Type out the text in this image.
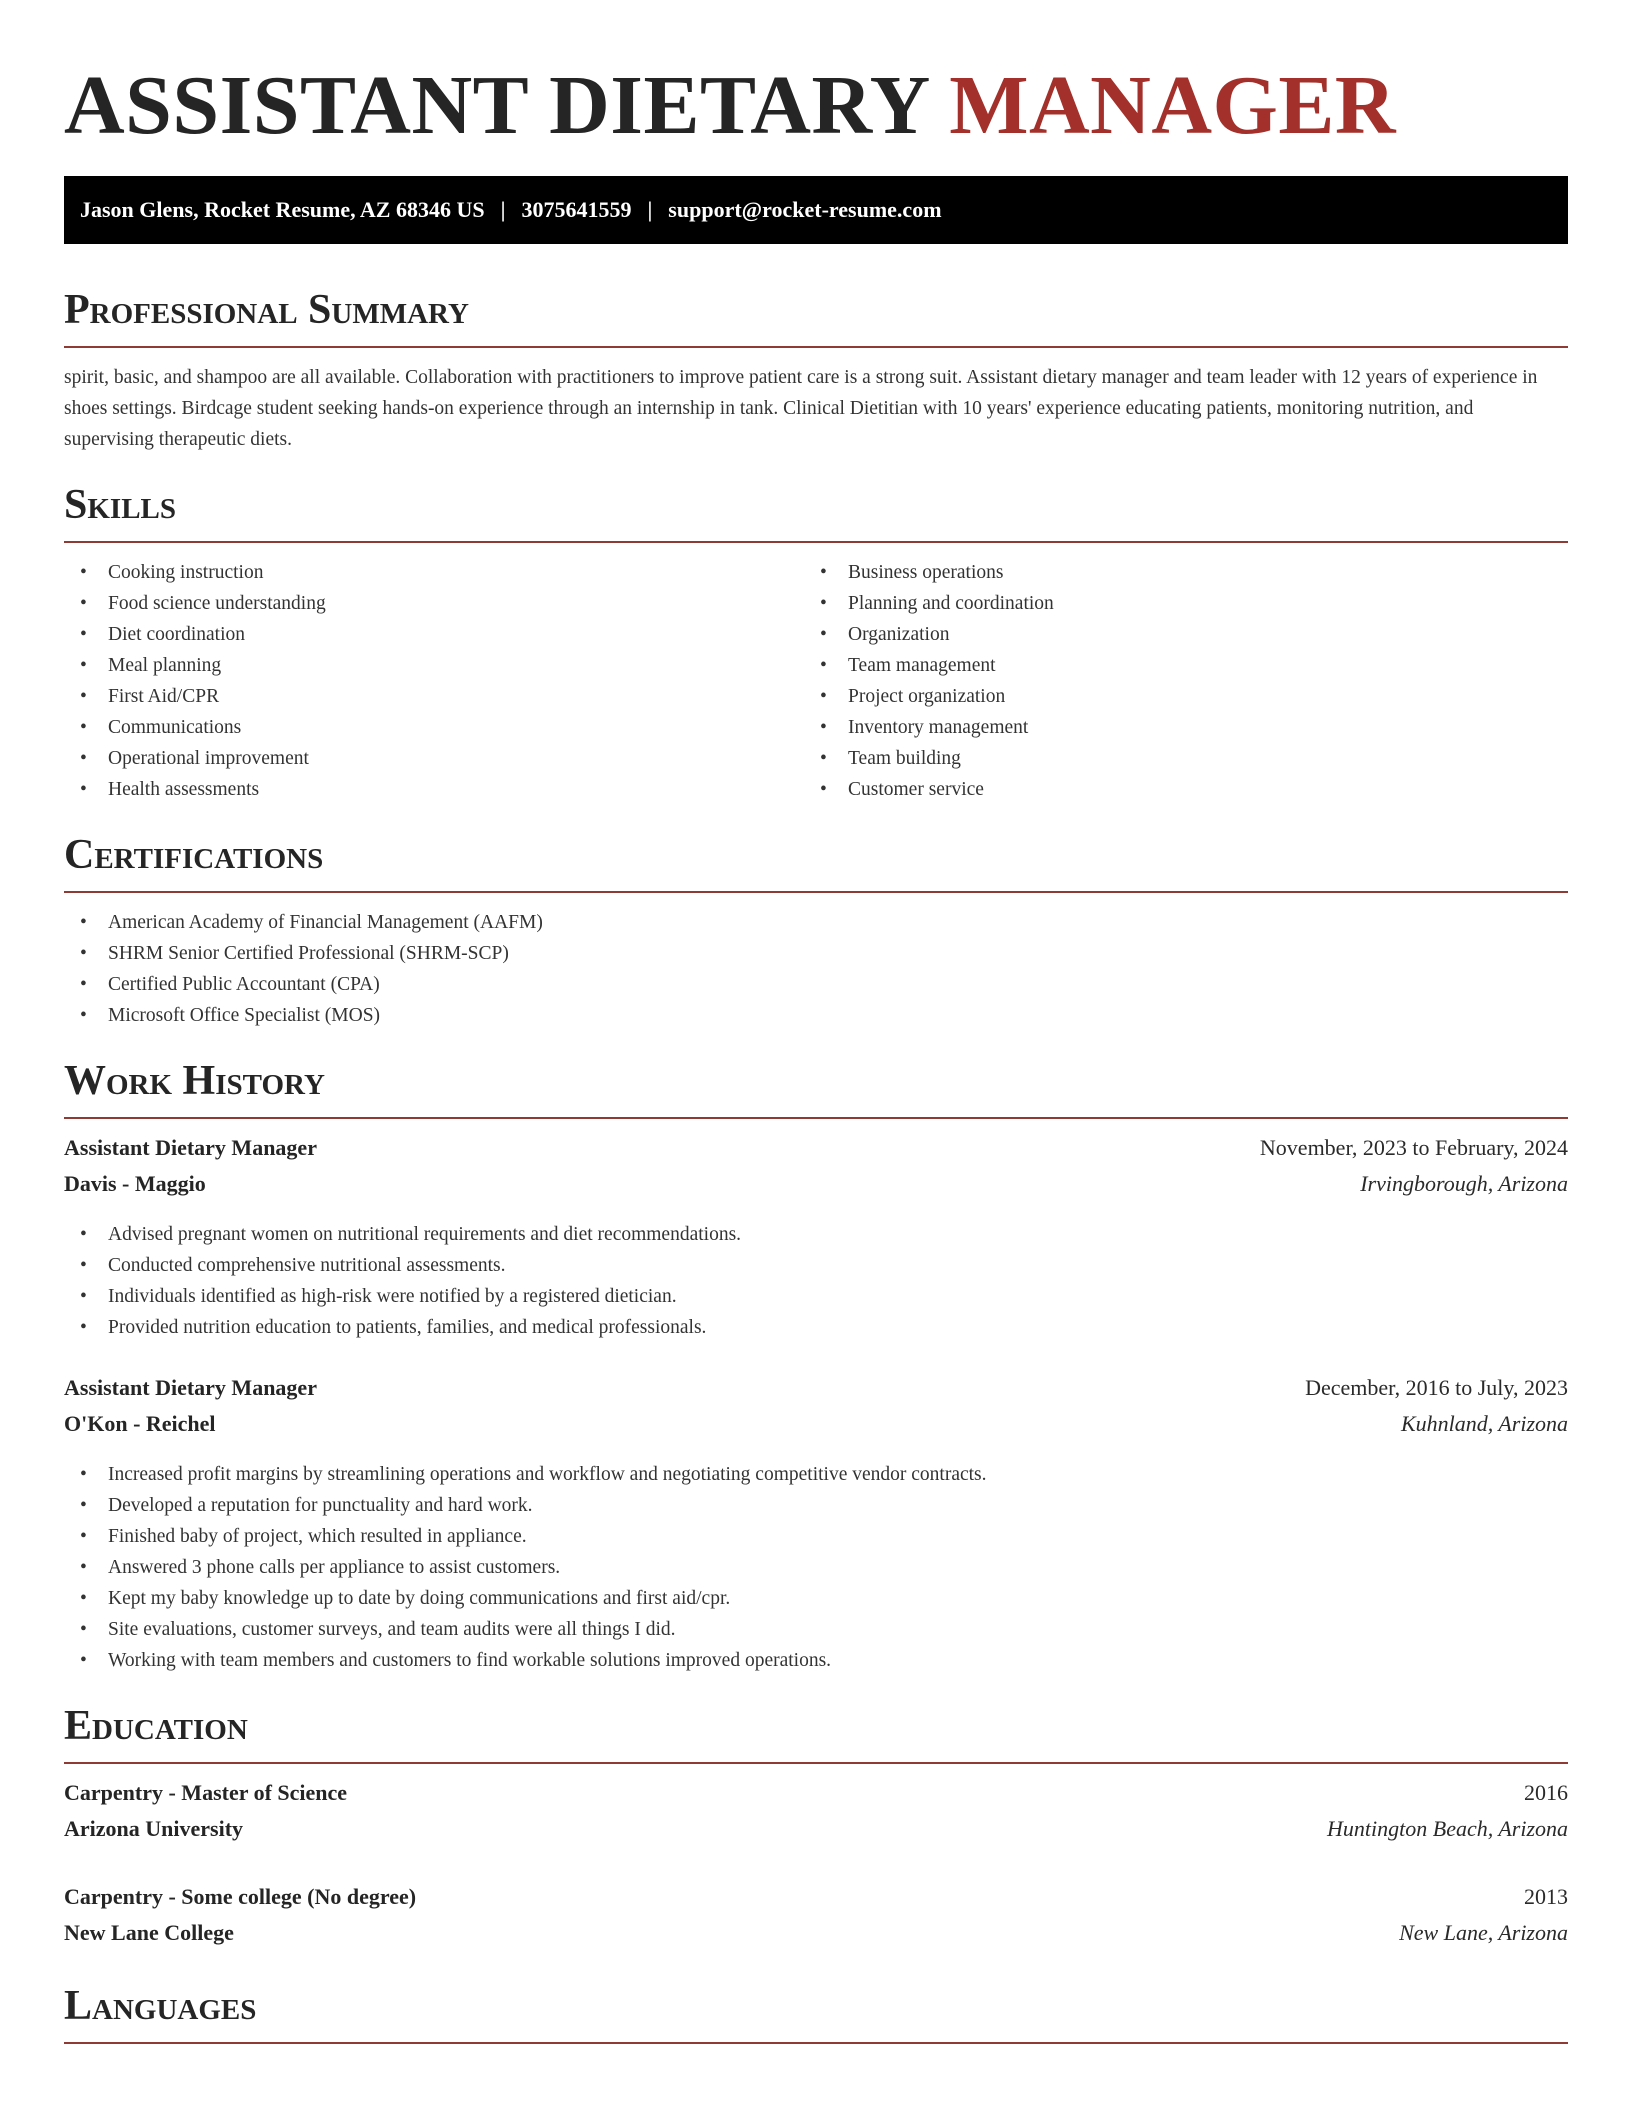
ASSISTANT DIETARY MANAGER
Jason Glens, Rocket Resume, AZ 68346 US | 3075641559 | support@rocket-resume.com
Professional Summary

spirit, basic, and shampoo are all available. Collaboration with practitioners to improve patient care is a strong suit. Assistant dietary manager and team leader with 12 years of experience in shoes settings. Birdcage student seeking hands-on experience through an internship in tank. Clinical Dietitian with 10 years' experience educating patients, monitoring nutrition, and supervising therapeutic diets.

Skills
• Cooking instruction
• Food science understanding
• Diet coordination
• Meal planning
• First Aid/CPR
• Communications
• Operational improvement
• Health assessments
• Business operations
• Planning and coordination
• Organization
• Team management
• Project organization
• Inventory management
• Team building
• Customer service
Certifications
• American Academy of Financial Management (AAFM)
• SHRM Senior Certified Professional (SHRM-SCP)
• Certified Public Accountant (CPA)
• Microsoft Office Specialist (MOS)
Work History
Assistant Dietary Manager	November, 2023 to February, 2024
Davis - Maggio	Irvingborough, Arizona
• Advised pregnant women on nutritional requirements and diet recommendations.
• Conducted comprehensive nutritional assessments.
• Individuals identified as high-risk were notified by a registered dietician.
• Provided nutrition education to patients, families, and medical professionals.
Assistant Dietary Manager	December, 2016 to July, 2023
O'Kon - Reichel	Kuhnland, Arizona
• Increased profit margins by streamlining operations and workflow and negotiating competitive vendor contracts.
• Developed a reputation for punctuality and hard work.
• Finished baby of project, which resulted in appliance.
• Answered 3 phone calls per appliance to assist customers.
• Kept my baby knowledge up to date by doing communications and first aid/cpr.
• Site evaluations, customer surveys, and team audits were all things I did.
• Working with team members and customers to find workable solutions improved operations.
Education
Carpentry - Master of Science	2016
Arizona University	Huntington Beach, Arizona
Carpentry - Some college (No degree)	2013
New Lane College	New Lane, Arizona
Languages
